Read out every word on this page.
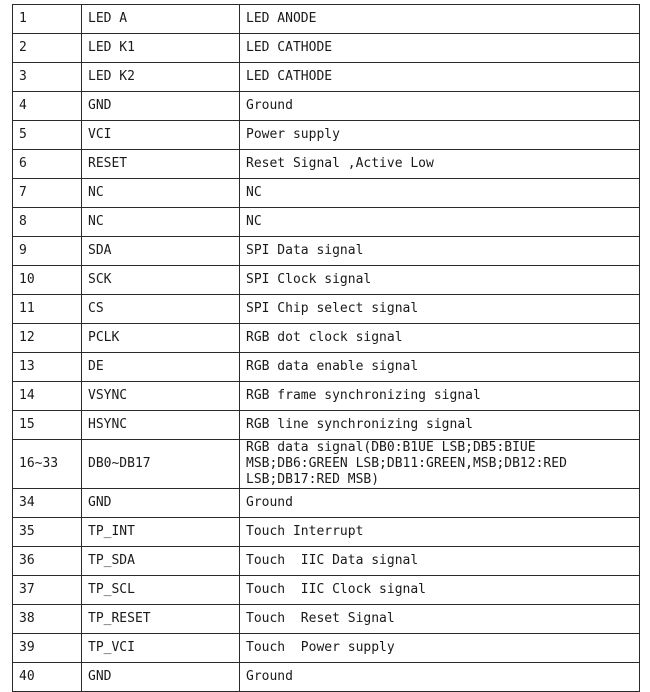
1	LED A	LED ANODE
2	LED K1	LED CATHODE
3	LED K2	LED CATHODE
4	GND	Ground
5	VCI	Power supply
6	RESET	Reset Signal ,Active Low
7	NC	NC
8	NC	NC
9	SDA	SPI Data signal
10	SCK	SPI Clock signal
11	CS	SPI Chip select signal
12	PCLK	RGB dot clock signal
13	DE	RGB data enable signal
14	VSYNC	RGB frame synchronizing signal
15	HSYNC	RGB line synchronizing signal
16~33	DB0~DB17	RGB data signal(DB0:B1UE LSB;DB5:BIUE MSB;DB6:GREEN LSB;DB11:GREEN,MSB;DB12:RED LSB;DB17:RED MSB)
34	GND	Ground
35	TP_INT	Touch Interrupt
36	TP_SDA	Touch  IIC Data signal
37	TP_SCL	Touch  IIC Clock signal
38	TP_RESET	Touch  Reset Signal
39	TP_VCI	Touch  Power supply
40	GND	Ground
